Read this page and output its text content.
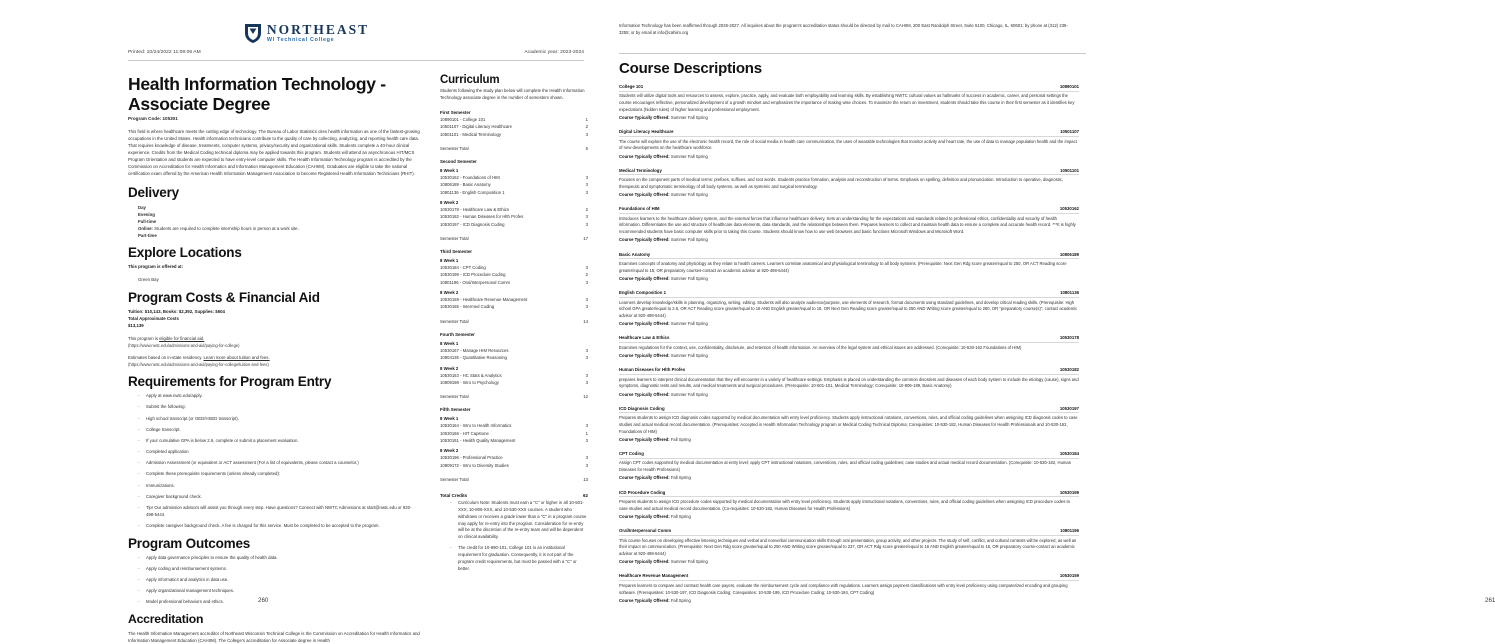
NORTHEAST
WI Technical College
Printed: 10/24/2022 11:09:06 AM	Academic year: 2023-2024
Health Information Technology - Associate Degree
Program Code: 105301

This field is where healthcare meets the cutting edge of technology. The Bureau of Labor Statistics cites health information as one of the fastest-growing occupations in the United States. Health information technicians contribute to the quality of care by collecting, analyzing, and reporting health care data. That requires knowledge of disease, treatments, computer systems, privacy/security and organizational skills. Students complete a 40-hour clinical experience. Credits from the Medical Coding technical diploma may be applied towards this program. Students will attend an asynchronous HIT/MCS Program Orientation and students are expected to have entry-level computer skills. The Health Information Technology program is accredited by the Commission on Accreditation for Health Informatics and Information Management Education (CAHIIM). Graduates are eligible to take the national certification exam offered by the American Health Information Management Association to become Registered Health Information Technicians (RHIT).

Delivery
Day
Evening
Full-time
Online: Students are required to complete internship hours in person at a work site.
Part-time
Explore Locations
This program is offered at:
Green Bay
Program Costs & Financial Aid
Tuition: $10,143, Books: $2,392, Supplies: $604
Total Approximate Costs
$13,139
This program is eligible for financial aid.
(https://www.nwtc.edu/admissions-and-aid/paying-for-college)
Estimates based on in-state residency. Learn more about tuition and fees.
(https://www.nwtc.edu/admissions-and-aid/paying-for-college/tuition-and-fees)
Requirements for Program Entry
- Apply at www.nwtc.edu/apply.
- Submit the following:
- High school transcript (or GED/HSED transcript).
- College transcript.
- If your cumulative GPA is below 2.6, complete or submit a placement evaluation.
- Completed application.
- Admission Assessment (or equivalent or ACT assessment (For a list of equivalents, please contact a counselor.)
- Complete these prerequisite requirements (unless already completed):
- Immunizations.
- Caregiver background check.
- Tip! Our admission advisors will assist you through every step. Have questions? Connect with NWTC Admissions at start@nwtc.edu or 920-498-5444.
- Complete caregiver background check. A fee is charged for this service. Must be completed to be accepted to the program.
Program Outcomes
- Apply data governance principles to ensure the quality of health data.
- Apply coding and reimbursement systems.
- Apply informatics and analytics in data use.
- Apply organizational management techniques.
- Model professional behaviors and ethics.
Accreditation

The Health Information Management accreditor of Northeast Wisconsin Technical College is the Commission on Accreditation for Health Informatics and Information Management Education (CAHIIM). The College's accreditation for Associate degree in Health

Curriculum
Students following the study plan below will complete the Health Information Technology associate degree in the number of semesters shown.
First Semester
10890101 - College 101	1
10501107 - Digital Literacy Healthcare	2
10501101 - Medical Terminology	3
Semester Total	6
Second Semester
8 Week 1
10530162 - Foundations of HIM	3
10806189 - Basic Anatomy	3
10801136 - English Composition 1	3
8 Week 2
10530178 - Healthcare Law & Ethics	2
10530182 - Human Diseases for Hlth Profes	3
10530197 - ICD Diagnosis Coding	3
Semester Total	17
Third Semester
8 Week 1
10530184 - CPT Coding	3
10530199 - ICD Procedure Coding	2
10801196 - Oral/Interpersonal Comm	3
8 Week 2
10530159 - Healthcare Revenue Management	3
10530165 - Intermed Coding	3
Semester Total	14
Fourth Semester
8 Week 1
10530167 - Manage HIM Resources	3
10804135 - Quantitative Reasoning	3
8 Week 2
10530163 - HC Stats & Analytics	3
10809198 - Intro to Psychology	3
Semester Total	12
Fifth Semester
8 Week 1
10530164 - Intro to Health Informatics	3
10530166 - HIT Capstone	1
10530161 - Health Quality Management	3
8 Week 2
10530196 - Professional Practice	3
10809172 - Intro to Diversity Studies	3
Semester Total	13
Total Credits	62
- Curriculum Note: Students must earn a "C" or higher in all 10-501-XXX, 10-806-XXX, and 10-530-XXX courses. A student who withdraws or receives a grade lower than a "C" in a program course may apply for re-entry into the program. Consideration for re-entry will be at the discretion of the re-entry team and will be dependent on clinical availability.
- The credit for 10-890-101, College 101 is an institutional requirement for graduation. Consequently, it is not part of the program credit requirements, but must be passed with a "C" or better.
260
Information Technology has been reaffirmed through 2026-2027. All inquiries about the program's accreditation status should be directed by mail to CAHIIM, 200 East Randolph Street, Suite 5100, Chicago, IL, 60601; by phone at (312) 235-3255; or by email at info@cahiim.org
Course Descriptions
College 101	10890101
Students will utilize digital tools and resources to assess, explore, practice, apply, and evaluate both employability and learning skills. By establishing NWTC cultural values as hallmarks of success in academic, career, and personal settings the course encourages reflective, personalized development of a growth mindset and emphasizes the importance of making wise choices. To maximize the return on investment, students should take this course in their first semester as it identifies key expectations (hidden rules) of higher learning and professional employment.
Course Typically Offered: Summer Fall Spring
Digital Literacy Healthcare	10501107
The course will explore the use of the electronic health record, the role of social media in health care communication, the uses of wearable technologies that monitor activity and heart rate, the use of data to manage population health and the impact of new developments on the healthcare workforce.
Course Typically Offered: Summer Fall Spring
Medical Terminology	10501101
Focuses on the component parts of medical terms: prefixes, suffixes, and root words. Students practice formation, analysis and reconstruction of terms. Emphasis on spelling, definition and pronunciation. Introduction to operative, diagnostic, therapeutic and symptomatic terminology of all body systems, as well as systemic and surgical terminology.
Course Typically Offered: Summer Fall Spring
Foundations of HIM	10530162
Introduces learners to the healthcare delivery system, and the external forces that influence healthcare delivery. Sets an understanding for the expectations and standards related to professional ethics, confidentiality and security of health information. Differentiates the use and structure of healthcare data elements, data standards, and the relationships between them. Prepares learners to collect and maintain health data to ensure a complete and accurate health record. ***It is highly recommended students have basic computer skills prior to taking this course. Students should know how to use web browsers and basic functions Microsoft Windows and Microsoft Word.
Course Typically Offered: Summer Fall Spring
Basic Anatomy	10806189
Examines concepts of anatomy and physiology as they relate to health careers. Learners correlate anatomical and physiological terminology to all body systems. (Prerequisite: Next Gen Rdg score greater/equal to 250, OR ACT Reading score greater/equal to 15; OR preparatory courses-contact an academic advisor at 920-498-5444)
Course Typically Offered: Summer Fall Spring
English Composition 1	10801136
Learners develop knowledge/skills in planning, organizing, writing, editing. Students will also analyze audience/purpose, use elements of research, format documents using standard guidelines, and develop critical reading skills. (Prerequisite: High school GPA greater/equal to 2.6, OR ACT Reading score greater/equal to 16 AND English greater/equal to 18, OR Next Gen Reading score greater/equal to 250 AND Writing score greater/equal to 260, OR "preparatory course(s)", contact academic advisor at 920-498-5444)
Course Typically Offered: Summer Fall Spring
Healthcare Law & Ethics	10530178
Examines regulations for the context, use, confidentiality, disclosure, and retention of health information. An overview of the legal system and ethical issues are addressed. (Corequisite: 10-530-162 Foundations of HIM)
Course Typically Offered: Summer Fall Spring
Human Diseases for Hlth Profes	10530182
prepares learners to interpret clinical documentation that they will encounter in a variety of healthcare settings. Emphasis is placed on understanding the common disorders and diseases of each body system to include the etiology (cause), signs and symptoms, diagnostic tests and results, and medical treatments and surgical procedures. (Prerequisite: 10-501-101, Medical Terminology; Corequisite: 10-806-189, Basic Anatomy)
Course Typically Offered: Summer Fall Spring
ICD Diagnosis Coding	10530197
Prepares students to assign ICD diagnosis codes supported by medical documentation with entry level proficiency. Students apply instructional notations, conventions, rules, and official coding guidelines when assigning ICD diagnosis codes to case studies and actual medical record documentation. (Prerequisites: Accepted in Health Information Technology program or Medical Coding Technical Diploma; Corequisites: 10-530-182, Human Diseases for Health Professionals and 10-530-162, Foundations of HIM)
Course Typically Offered: Fall Spring
CPT Coding	10530184
Assign CPT codes supported by medical documentation at entry level; apply CPT instructional notations, conventions, rules, and official coding guidelines; case studies and actual medical record documentation. (Corequisite: 10-530-182, Human Diseases for Health Professions)
Course Typically Offered: Fall Spring
ICD Procedure Coding	10530199
Prepares students to assign ICD procedure codes supported by medical documentation with entry level proficiency. Students apply instructional notations, conventions, rules, and official coding guidelines when assigning ICD procedure codes to case studies and actual medical record documentation. (Co-requisites: 10-530-182, Human Diseases for Health Professions)
Course Typically Offered: Fall Spring
Oral/Interpersonal Comm	10801196
This course focuses on developing effective listening techniques and verbal and nonverbal communication skills through oral presentation, group activity, and other projects. The study of self, conflict, and cultural contexts will be explored, as well as their impact on communication. (Prerequisite: Next Gen Rdg score greater/equal to 250 AND Writing score greater/equal to 237, OR ACT Rdg score greater/equal to 16 AND English greater/equal to 16, OR preparatory course-contact an academic advisor at 920-498-5444)
Course Typically Offered: Summer Fall Spring
Healthcare Revenue Management	10530159
Prepares learners to compare and contrast health care payers, evaluate the reimbursement cycle and compliance with regulations. Learners assign payment classifications with entry level proficiency using computerized encoding and grouping software. (Prerequisites: 10-530-197, ICD Diagnosis Coding; Corequisites: 10-530-199, ICD Procedure Coding; 10-530-184, CPT Coding)
Course Typically Offered: Fall Spring	261
